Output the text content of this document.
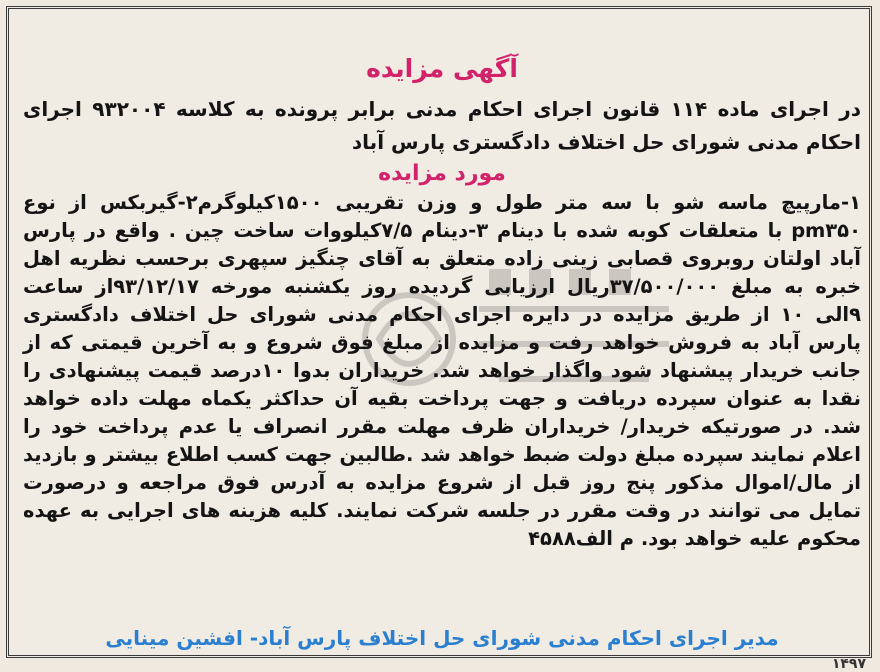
آگهی مزایده

در اجرای ماده ۱۱۴ قانون اجرای احکام مدنی برابر پرونده به کلاسه ۹۳۲۰۰۴ اجرای احکام مدنی شورای حل اختلاف دادگستری پارس آباد

مورد مزایده

۱-مارپیچ ماسه شو با سه متر طول و وزن تقریبی ۱۵۰۰کیلوگرم۲-گیربکس از نوع pm۳۵۰ با متعلقات کوبه شده با دینام ۳-دینام ۷/۵کیلووات ساخت چین . واقع در پارس آباد اولتان روبروی قصابی زینی زاده متعلق به آقای چنگیز سپهری برحسب نظریه اهل خبره به مبلغ ۳۷/۵۰۰/۰۰۰ریال ارزیابی گردیده روز یکشنبه مورخه ۹۳/۱۲/۱۷از ساعت ۹الی ۱۰ از طریق مزایده در دایره اجرای احکام مدنی شورای حل اختلاف دادگستری پارس آباد به فروش خواهد رفت و مزایده از مبلغ فوق شروع و به آخرین قیمتی که از جانب خریدار پیشنهاد شود واگذار خواهد شد. خریداران بدوا ۱۰درصد قیمت پیشنهادی را نقدا به عنوان سپرده دریافت و جهت پرداخت بقیه آن حداکثر یکماه مهلت داده خواهد شد. در صورتیکه خریدار/ خریداران ظرف مهلت مقرر انصراف یا عدم پرداخت خود را اعلام نمایند سپرده مبلغ دولت ضبط خواهد شد .طالبین جهت کسب اطلاع بیشتر و بازدید از مال/اموال مذکور پنج روز قبل از شروع مزایده به آدرس فوق مراجعه و درصورت تمایل می توانند در وقت مقرر در جلسه شرکت نمایند. کلیه هزینه های اجرایی به عهده محکوم علیه خواهد بود. م الف۴۵۸۸

مدیر اجرای احکام مدنی شورای حل اختلاف پارس آباد- افشین مینایی
۱۴۹۷
